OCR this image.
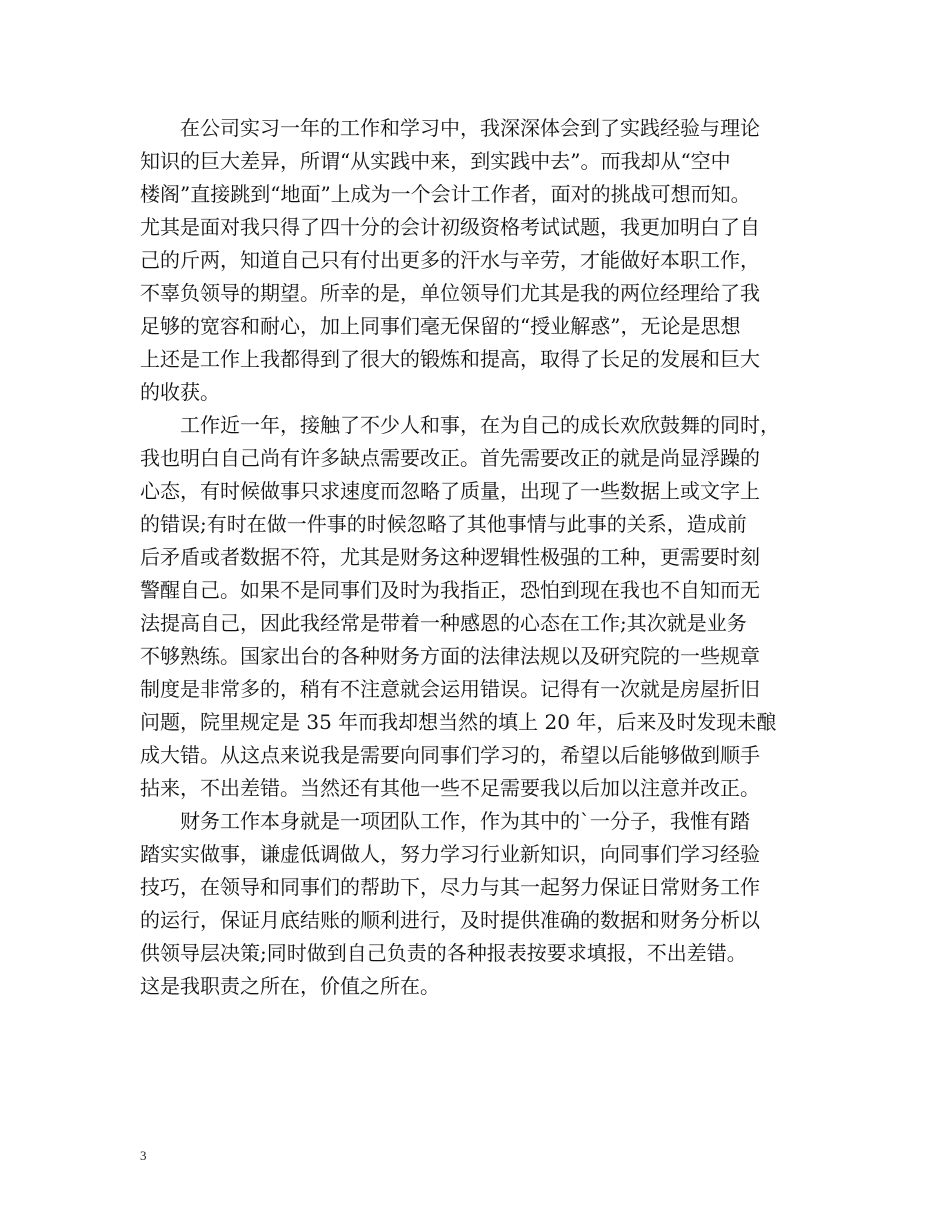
　　在公司实习一年的工作和学习中，我深深体会到了实践经验与理论
知识的巨大差异，所谓“从实践中来，到实践中去”。而我却从“空中
楼阁”直接跳到“地面”上成为一个会计工作者，面对的挑战可想而知。
尤其是面对我只得了四十分的会计初级资格考试试题，我更加明白了自
己的斤两，知道自己只有付出更多的汗水与辛劳，才能做好本职工作，
不辜负领导的期望。所幸的是，单位领导们尤其是我的两位经理给了我
足够的宽容和耐心，加上同事们毫无保留的“授业解惑”，无论是思想
上还是工作上我都得到了很大的锻炼和提高，取得了长足的发展和巨大
的收获。
　　工作近一年，接触了不少人和事，在为自己的成长欢欣鼓舞的同时，
我也明白自己尚有许多缺点需要改正。首先需要改正的就是尚显浮躁的
心态，有时候做事只求速度而忽略了质量，出现了一些数据上或文字上
的错误;有时在做一件事的时候忽略了其他事情与此事的关系，造成前
后矛盾或者数据不符，尤其是财务这种逻辑性极强的工种，更需要时刻
警醒自己。如果不是同事们及时为我指正，恐怕到现在我也不自知而无
法提高自己，因此我经常是带着一种感恩的心态在工作;其次就是业务
不够熟练。国家出台的各种财务方面的法律法规以及研究院的一些规章
制度是非常多的，稍有不注意就会运用错误。记得有一次就是房屋折旧
问题，院里规定是 35 年而我却想当然的填上 20 年，后来及时发现未酿
成大错。从这点来说我是需要向同事们学习的，希望以后能够做到顺手
拈来，不出差错。当然还有其他一些不足需要我以后加以注意并改正。
　　财务工作本身就是一项团队工作，作为其中的`一分子，我惟有踏
踏实实做事，谦虚低调做人，努力学习行业新知识，向同事们学习经验
技巧，在领导和同事们的帮助下，尽力与其一起努力保证日常财务工作
的运行，保证月底结账的顺利进行，及时提供准确的数据和财务分析以
供领导层决策;同时做到自己负责的各种报表按要求填报，不出差错。
这是我职责之所在，价值之所在。
3
